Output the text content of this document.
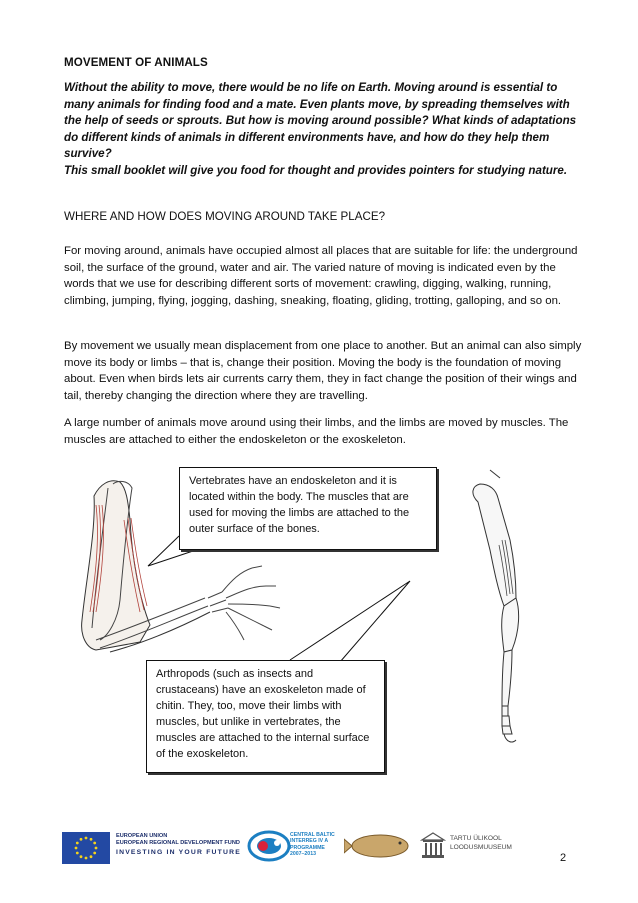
MOVEMENT OF ANIMALS

Without the ability to move, there would be no life on Earth. Moving around is essential to
many animals for finding food and a mate. Even plants move, by spreading themselves with
the help of seeds or sprouts. But how is moving around possible? What kinds of adaptations
do different kinds of animals in different environments have, and how do they help them
survive?
This small booklet will give you food for thought and provides pointers for studying nature.

WHERE AND HOW DOES MOVING AROUND TAKE PLACE?

For moving around, animals have occupied almost all places that are suitable for life: the underground soil, the surface of the ground, water and air. The varied nature of moving is indicated even by the words that we use for describing different sorts of movement: crawling, digging, walking, running, climbing, jumping, flying, jogging, dashing, sneaking, floating, gliding, trotting, galloping, and so on.

By movement we usually mean displacement from one place to another. But an animal can also simply move its body or limbs – that is, change their position. Moving the body is the foundation of moving about. Even when birds lets air currents carry them, they in fact change the position of their wings and tail, thereby changing the direction where they are travelling.

A large number of animals move around using their limbs, and the limbs are moved by muscles. The muscles are attached to either the endoskeleton or the exoskeleton.

Vertebrates have an endoskeleton and it is located within the body. The muscles that are used for moving the limbs are attached to the outer surface of the bones.
Arthropods (such as insects and crustaceans) have an exoskeleton made of chitin. They, too, move their limbs with muscles, but unlike in vertebrates, the muscles are attached to the internal surface of the exoskeleton.
EUROPEAN UNION
EUROPEAN REGIONAL DEVELOPMENT FUND
INVESTING IN YOUR FUTURE
CENTRAL BALTIC
INTERREG IV A
PROGRAMME
2007–2013
TARTU ÜLIKOOL
LOODUSMUUSEUM
2
